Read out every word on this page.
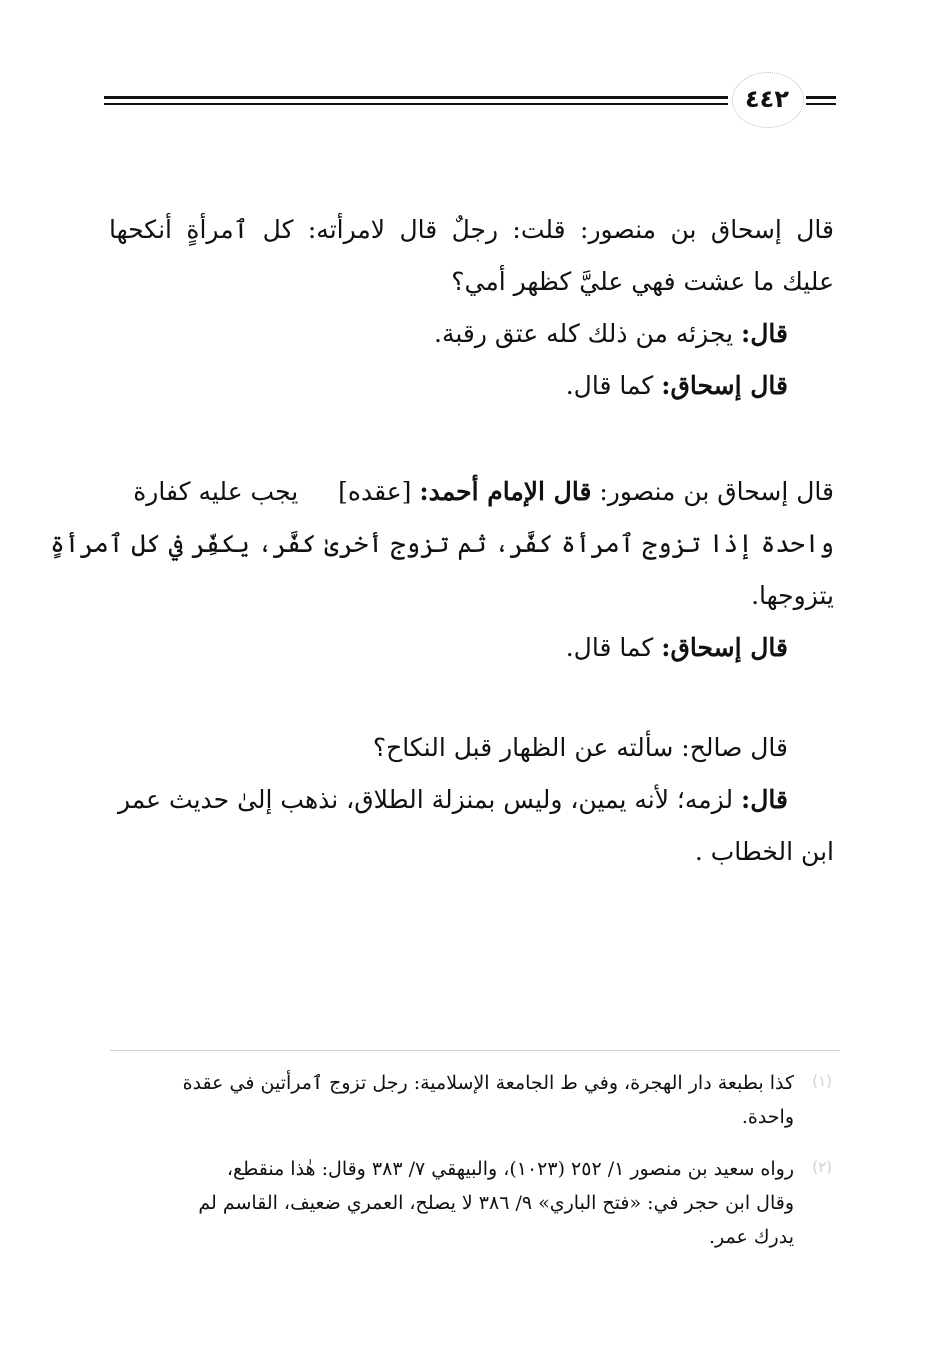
٤٤٢
قال إسحاق بن منصور: قلت: رجلٌ قال لامرأته: كل ٱمرأةٍ أنكحها
عليك ما عشت فهي عليَّ كظهر أمي؟
قال: يجزئه من ذلك كله عتق رقبة.
قال إسحاق: كما قال.
قال إسحاق بن منصور: قال الإمام أحمد: [عقده]  يجب عليه كفارة
واحدة إذا تزوج ٱمرأة كفَّر، ثم تزوج أخرىٰ كفَّر، يكفِّر في كل ٱمرأةٍ
يتزوجها.
قال إسحاق: كما قال.
قال صالح: سألته عن الظهار قبل النكاح؟
قال: لزمه؛ لأنه يمين، وليس بمنزلة الطلاق، نذهب إلىٰ حديث عمر
ابن الخطاب .
(١)
كذا بطبعة دار الهجرة، وفي ط الجامعة الإسلامية: رجل تزوج ٱمرأتين في عقدة
واحدة.
(٢)
رواه سعيد بن منصور ١/ ٢٥٢ (١٠٢٣)، والبيهقي ٧/ ٣٨٣ وقال: هٰذا منقطع،
وقال ابن حجر في: «فتح الباري» ٩/ ٣٨٦ لا يصلح، العمري ضعيف، القاسم لم
يدرك عمر.
